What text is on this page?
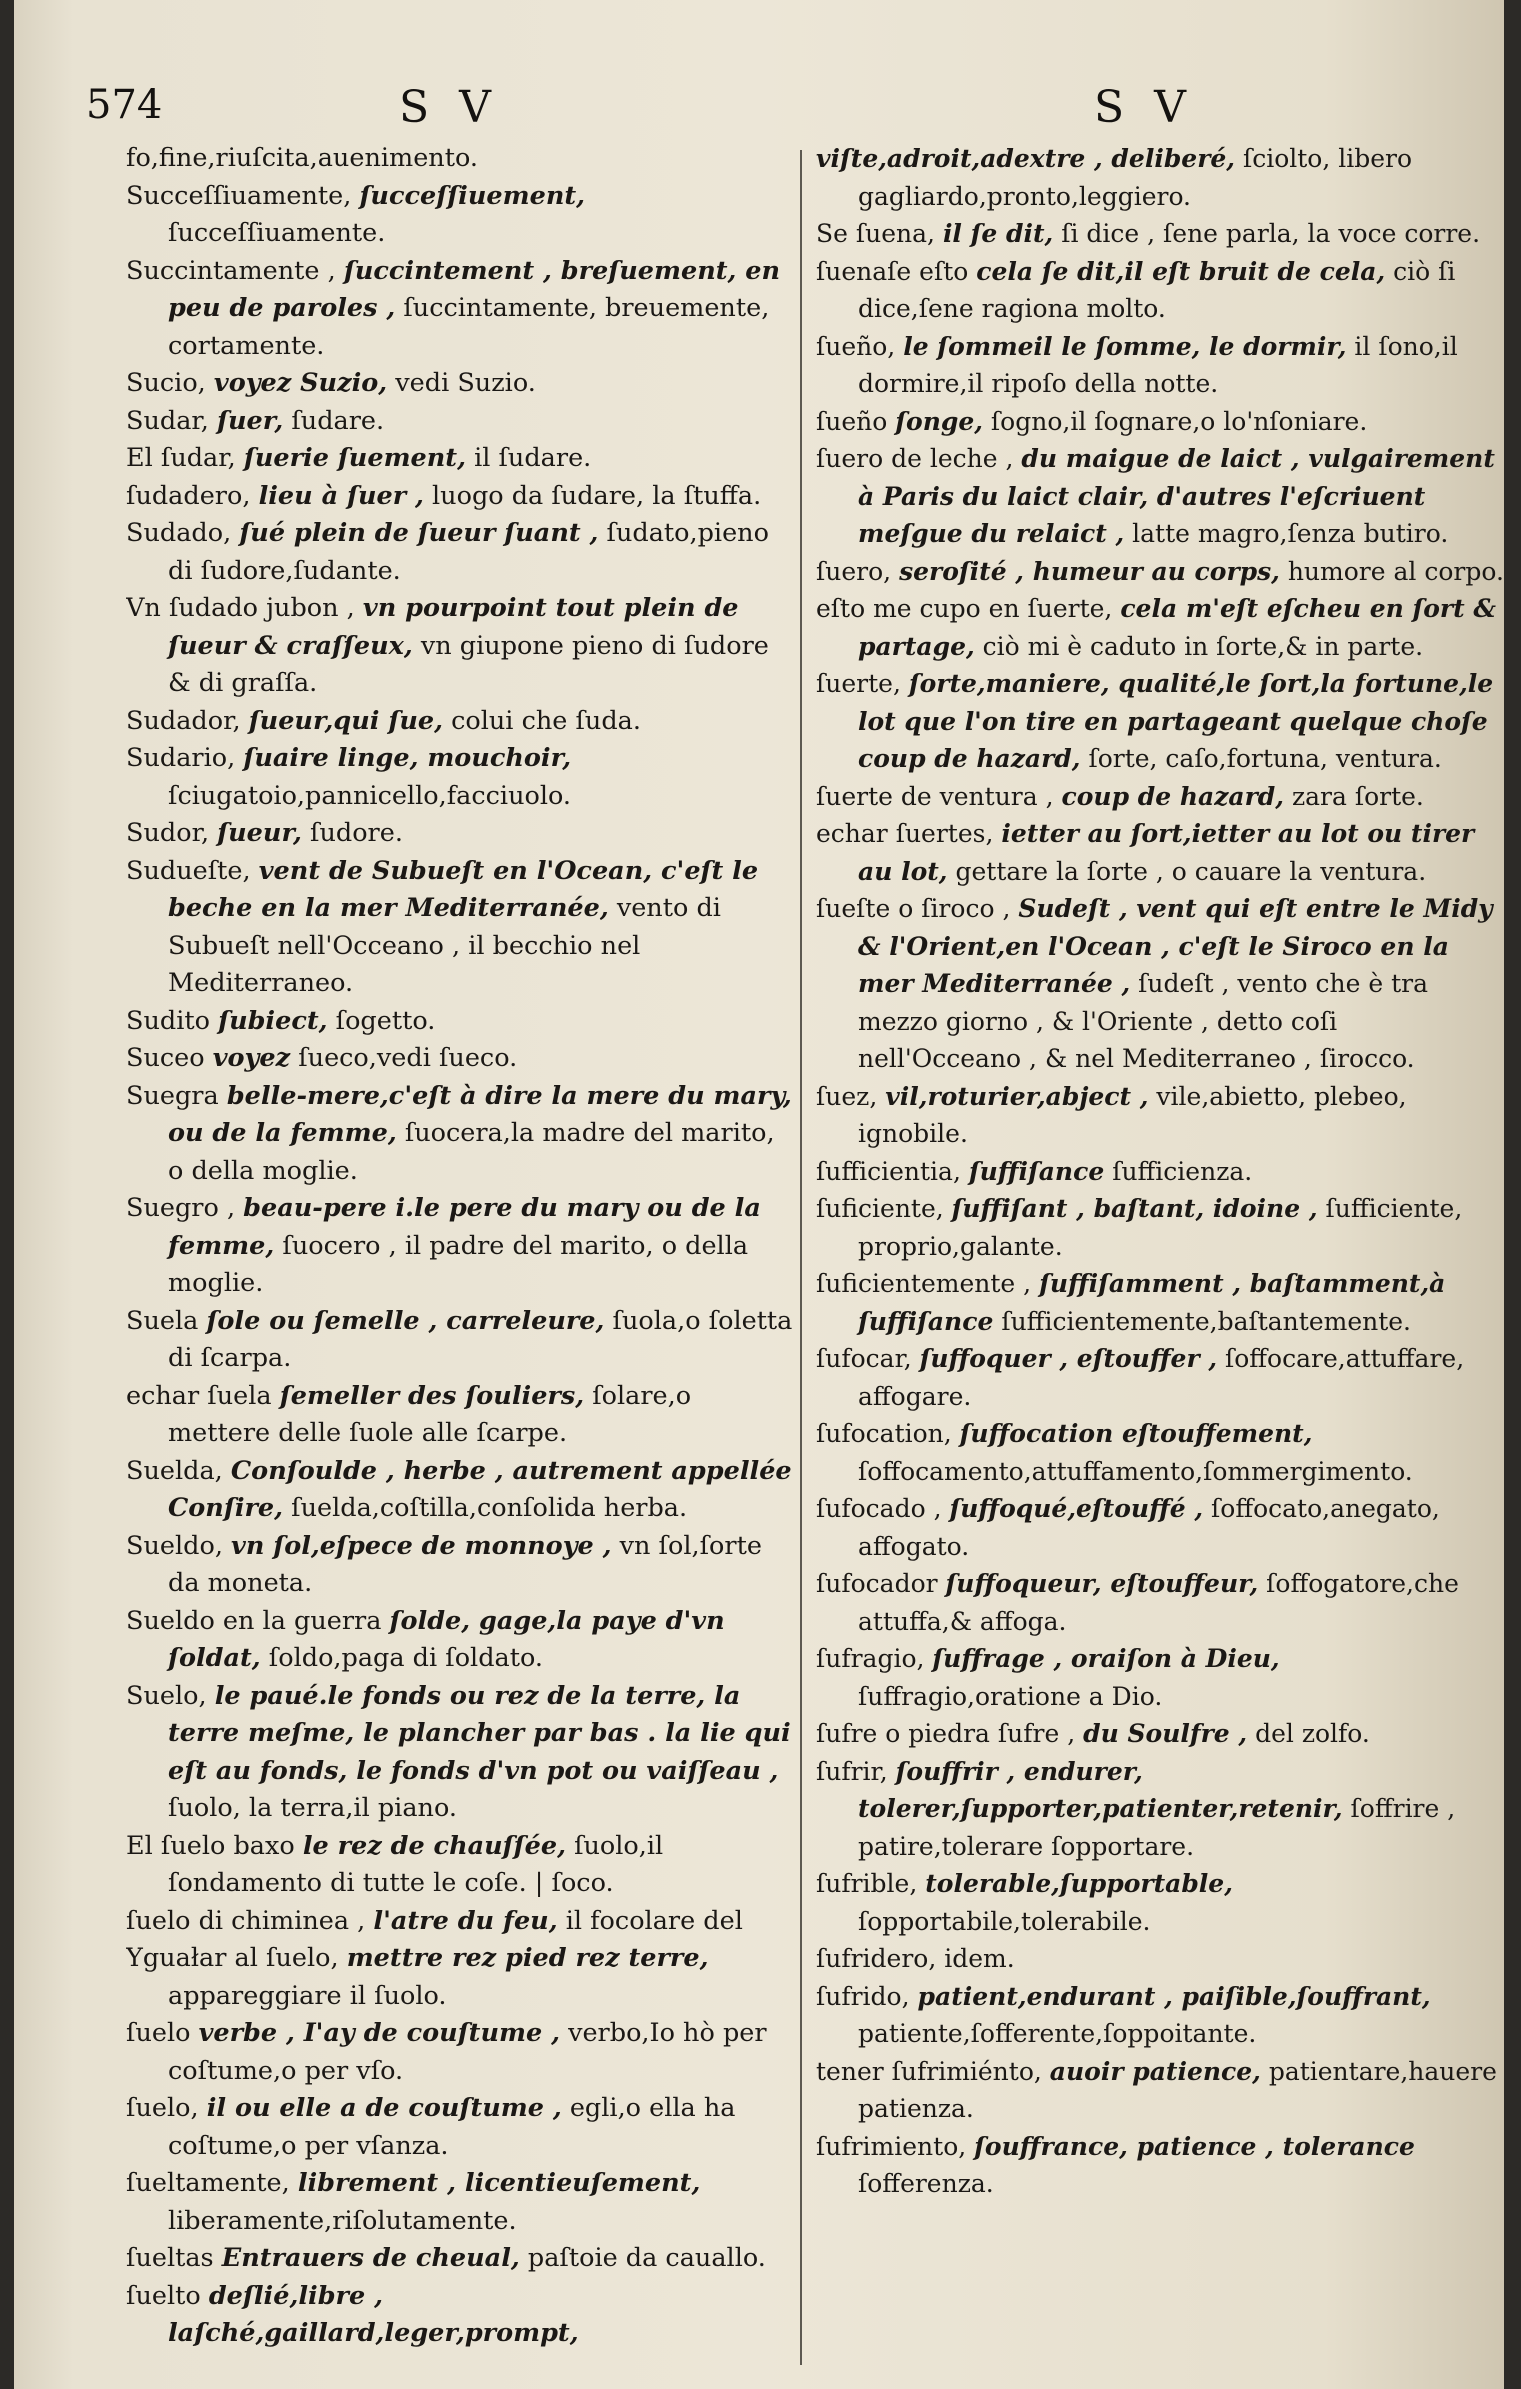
574	SV	SV
fo,fine,riuſcita,auenimento.
Succeſſiuamente, ſucceſſiuement, ſucceſſiuamente.
Succintamente , ſuccintement , breſuement, en peu de paroles , ſuccintamente, breuemente, cortamente.
Sucio, voyez Suzio, vedi Suzio.
Sudar, ſuer, ſudare.
El ſudar, ſuerie ſuement, il ſudare.
ſudadero, lieu à ſuer , luogo da ſudare, la ſtuffa.
Sudado, ſué plein de ſueur ſuant , ſudato,pieno di ſudore,ſudante.
Vn ſudado jubon , vn pourpoint tout plein de ſueur & craſſeux, vn giupone pieno di ſudore & di graſſa.
Sudador, ſueur,qui ſue, colui che ſuda.
Sudario, ſuaire linge, mouchoir, ſciugatoio,pannicello,facciuolo.
Sudor, ſueur, ſudore.
Sudueſte, vent de Subueſt en l'Ocean, c'eſt le beche en la mer Mediterranée, vento di Subueſt nell'Occeano , il becchio nel Mediterraneo.
Sudito ſubiect, ſogetto.
Suceo voyez ſueco,vedi ſueco.
Suegra belle-mere,c'eſt à dire la mere du mary, ou de la femme, ſuocera,la madre del marito, o della moglie.
Suegro , beau-pere i.le pere du mary ou de la femme, ſuocero , il padre del marito, o della moglie.
Suela ſole ou ſemelle , carreleure, ſuola,o ſoletta di ſcarpa.
echar ſuela ſemeller des ſouliers, ſolare,o mettere delle ſuole alle ſcarpe.
Suelda, Conſoulde , herbe , autrement appellée Conſire, ſuelda,coſtilla,conſolida herba.
Sueldo, vn ſol,eſpece de monnoye , vn ſol,ſorte da moneta.
Sueldo en la guerra ſolde, gage,la paye d'vn ſoldat, ſoldo,paga di ſoldato.
Suelo, le paué.le fonds ou rez de la terre, la terre meſme, le plancher par bas . la lie qui eſt au fonds, le fonds d'vn pot ou vaiſſeau , ſuolo, la terra,il piano.
El ſuelo baxo le rez de chauſſée, ſuolo,il ſondamento di tutte le coſe. | ſoco.
ſuelo di chiminea , l'atre du feu, il focolare del
Yguałar al ſuelo, mettre rez pied rez terre, appareggiare il ſuolo.
ſuelo verbe , I'ay de couſtume , verbo,Io hò per coſtume,o per vſo.
ſuelo, il ou elle a de couſtume , egli,o ella ha coſtume,o per vſanza.
ſueltamente, librement , licentieuſement, liberamente,riſolutamente.
ſueltas Entrauers de cheual, paſtoie da cauallo.
ſuelto deſlié,libre , laſché,gaillard,leger,prompt,
viſte,adroit,adextre , deliberé, ſciolto, libero gagliardo,pronto,leggiero.
Se ſuena, il ſe dit, ſi dice , ſene parla, la voce corre.
ſuenaſe eſto cela ſe dit,il eſt bruit de cela, ciò ſi dice,ſene ragiona molto.
ſueño, le ſommeil le ſomme, le dormir, il ſono,il dormire,il ripoſo della notte.
ſueño ſonge, ſogno,il ſognare,o lo'nſoniare.
ſuero de leche , du maigue de laict , vulgairement à Paris du laict clair, d'autres l'eſcriuent meſgue du relaict , latte magro,ſenza butiro.
ſuero, seroſité , humeur au corps, humore al corpo.
eſto me cupo en ſuerte, cela m'eſt eſcheu en ſort & partage, ciò mi è caduto in ſorte,& in parte.
ſuerte, ſorte,maniere, qualité,le ſort,la fortune,le lot que l'on tire en partageant quelque choſe coup de hazard, ſorte, caſo,fortuna, ventura.
ſuerte de ventura , coup de hazard, zara ſorte.
echar ſuertes, ietter au ſort,ietter au lot ou tirer au lot, gettare la ſorte , o cauare la ventura.
ſueſte o ſiroco , Sudeſt , vent qui eſt entre le Midy & l'Orient,en l'Ocean , c'eſt le Siroco en la mer Mediterranée , ſudeſt , vento che è tra mezzo giorno , & l'Oriente , detto coſi nell'Occeano , & nel Mediterraneo , ſirocco.
ſuez, vil,roturier,abject , vile,abietto, plebeo, ignobile.
ſufficientia, ſuffiſance ſufficienza.
ſuficiente, ſuffiſant , baſtant, idoine , ſufficiente, proprio,galante.
ſuficientemente , ſuffiſamment , baſtamment,à ſuffiſance ſufficientemente,baſtantemente.
ſufocar, ſuffoquer , eſtouffer , ſoffocare,attuffare, affogare.
ſufocation, ſuffocation eſtouffement, ſoffocamento,attuffamento,ſommergimento.
ſufocado , ſuffoqué,eſtouffé , ſoffocato,anegato, affogato.
ſufocador ſuffoqueur, eſtouffeur, ſoffogatore,che attuffa,& affoga.
ſufragio, ſuffrage , oraiſon à Dieu, ſuffragio,oratione a Dio.
ſufre o piedra ſufre , du Soulfre , del zolfo.
ſufrir, ſouffrir , endurer, tolerer,ſupporter,patienter,retenir, ſoffrire , patire,tolerare ſopportare.
ſufrible, tolerable,ſupportable, ſopportabile,tolerabile.
ſufridero, idem.
ſufrido, patient,endurant , paiſible,ſouffrant, patiente,ſofferente,ſoppoitante.
tener ſufrimiénto, auoir patience, patientare,hauere patienza.
ſufrimiento, ſouffrance, patience , tolerance ſofferenza.
